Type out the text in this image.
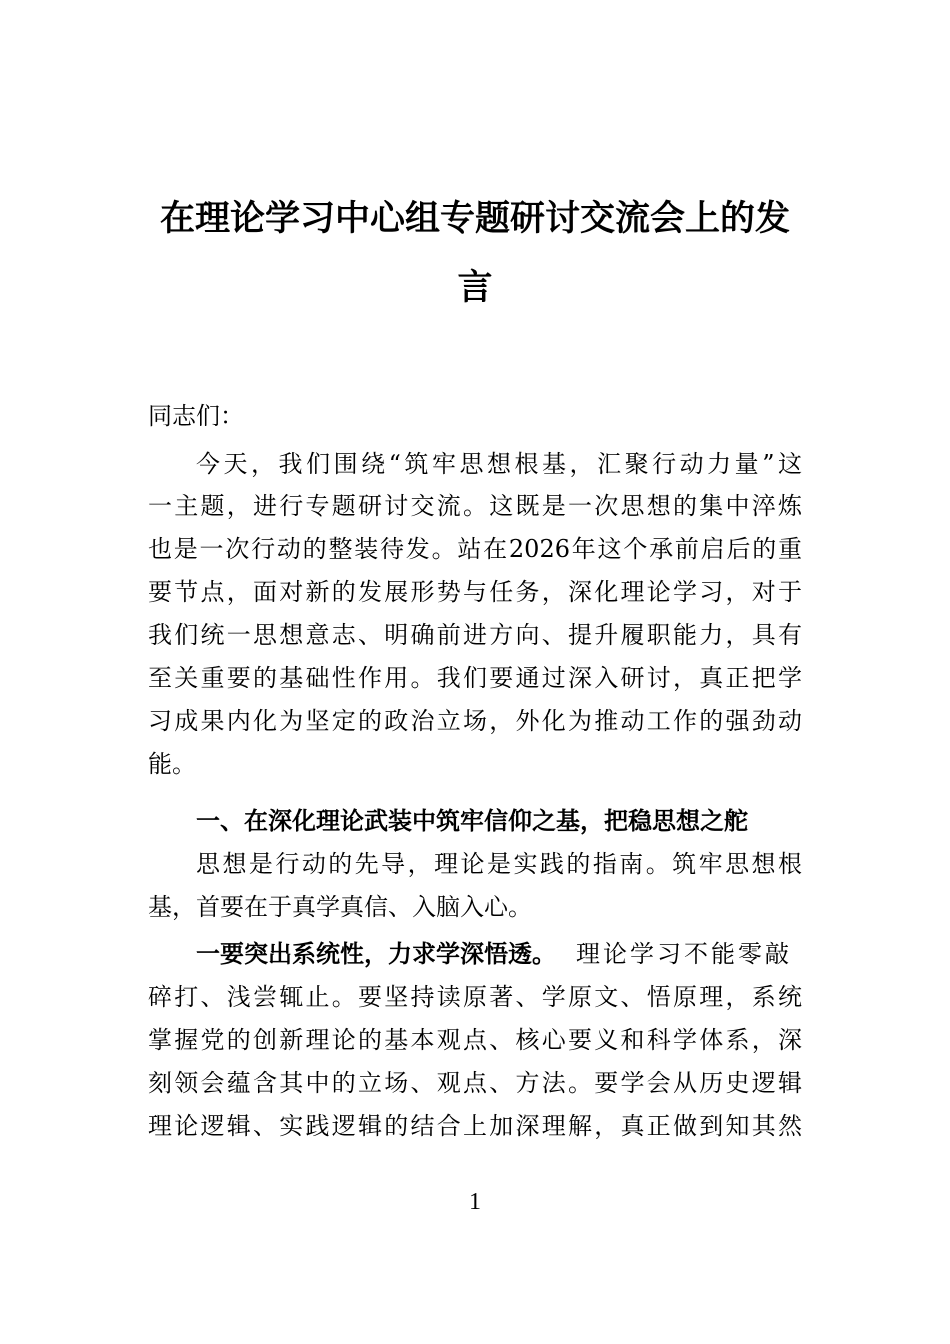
在理论学习中心组专题研讨交流会上的发
言
同志们：
今天，我们围绕“筑牢思想根基，汇聚行动力量”这
一主题，进行专题研讨交流。这既是一次思想的集中淬炼
也是一次行动的整装待发。站在2026年这个承前启后的重
要节点，面对新的发展形势与任务，深化理论学习，对于
我们统一思想意志、明确前进方向、提升履职能力，具有
至关重要的基础性作用。我们要通过深入研讨，真正把学
习成果内化为坚定的政治立场，外化为推动工作的强劲动
能。
一、在深化理论武装中筑牢信仰之基，把稳思想之舵
思想是行动的先导，理论是实践的指南。筑牢思想根
基，首要在于真学真信、入脑入心。
一要突出系统性，力求学深悟透。 理论学习不能零敲
碎打、浅尝辄止。要坚持读原著、学原文、悟原理，系统
掌握党的创新理论的基本观点、核心要义和科学体系，深
刻领会蕴含其中的立场、观点、方法。要学会从历史逻辑
理论逻辑、实践逻辑的结合上加深理解，真正做到知其然
1
